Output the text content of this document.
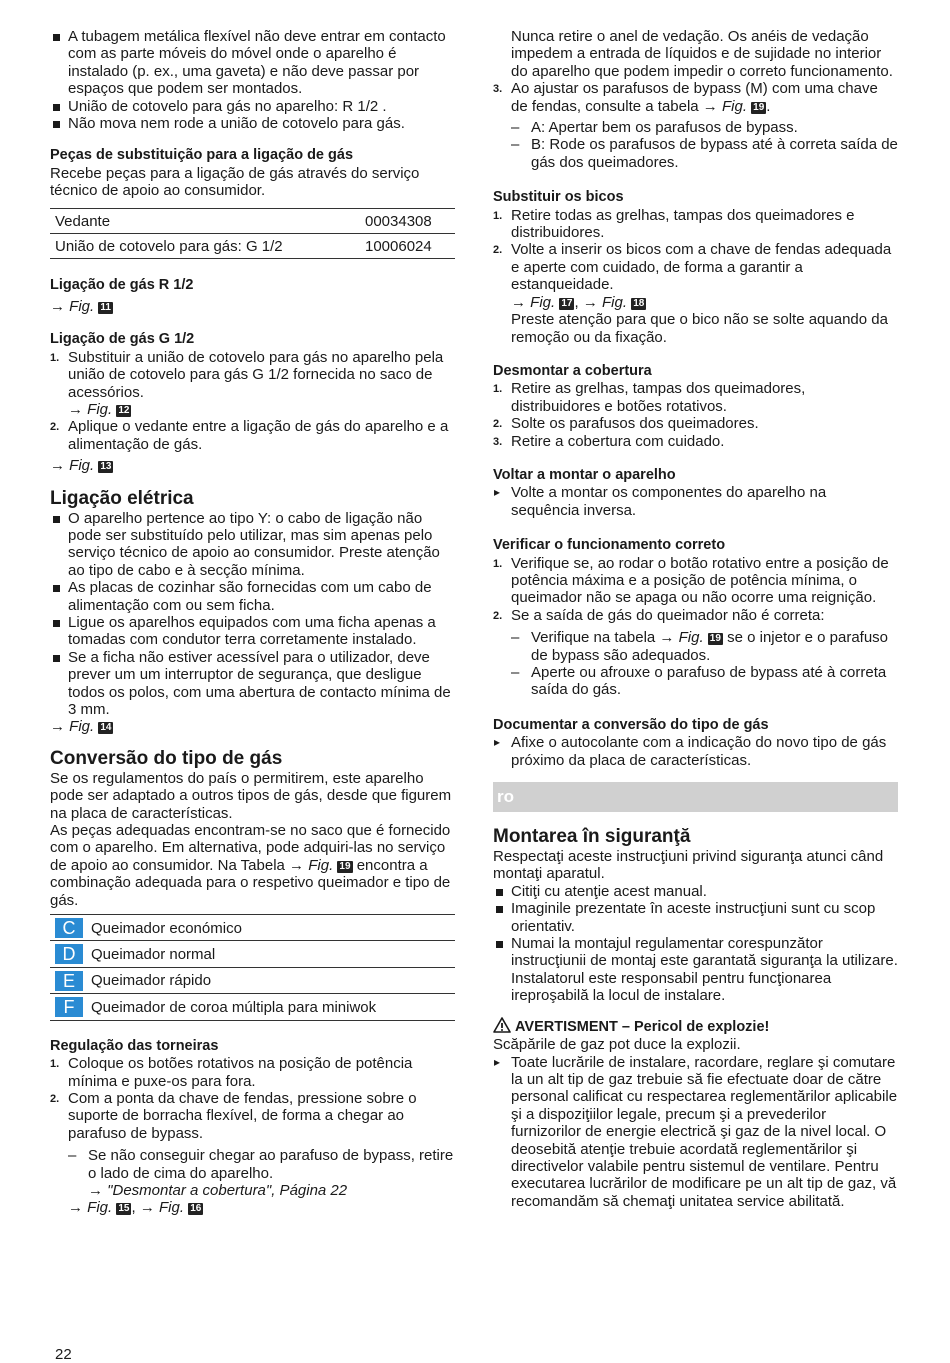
A tubagem metálica flexível não deve entrar em contacto com as parte móveis do móvel onde o aparelho é instalado (p. ex., uma gaveta) e não deve passar por espaços que podem ser montados.

União de cotovelo para gás no aparelho: R 1/2 .

Não mova nem rode a união de cotovelo para gás.

Peças de substituição para a ligação de gás

Recebe peças para a ligação de gás através do serviço técnico de apoio ao consumidor.

Vedante	00034308
União de cotovelo para gás: G 1/2	10006024

Ligação de gás R 1/2

→ Fig. 11

Ligação de gás G 1/2

1. Substituir a união de cotovelo para gás no aparelho pela união de cotovelo para gás G 1/2 fornecida no saco de acessórios.

→ Fig. 12

2. Aplique o vedante entre a ligação de gás do aparelho e a alimentação de gás.

→ Fig. 13

Ligação elétrica

O aparelho pertence ao tipo Y: o cabo de ligação não pode ser substituído pelo utilizar, mas sim apenas pelo serviço técnico de apoio ao consumidor. Preste atenção ao tipo de cabo e à secção mínima.

As placas de cozinhar são fornecidas com um cabo de alimentação com ou sem ficha.

Ligue os aparelhos equipados com uma ficha apenas a tomadas com condutor terra corretamente instalado.

Se a ficha não estiver acessível para o utilizador, deve prever um um interruptor de segurança, que desligue todos os polos, com uma abertura de contacto mínima de 3 mm.

→ Fig. 14

Conversão do tipo de gás

Se os regulamentos do país o permitirem, este aparelho pode ser adaptado a outros tipos de gás, desde que figurem na placa de características.

As peças adequadas encontram-se no saco que é fornecido com o aparelho. Em alternativa, pode adquiri-las no serviço de apoio ao consumidor. Na Tabela → Fig. 19 encontra a combinação adequada para o respetivo queimador e tipo de gás.

C	Queimador económico
D	Queimador normal
E	Queimador rápido
F	Queimador de coroa múltipla para miniwok

Regulação das torneiras

1. Coloque os botões rotativos na posição de potência mínima e puxe-os para fora.

2. Com a ponta da chave de fendas, pressione sobre o suporte de borracha flexível, de forma a chegar ao parafuso de bypass.

– Se não conseguir chegar ao parafuso de bypass, retire o lado de cima do aparelho.

→ "Desmontar a cobertura", Página 22

→ Fig. 15 , → Fig. 16

Nunca retire o anel de vedação. Os anéis de vedação impedem a entrada de líquidos e de sujidade no interior do aparelho que podem impedir o correto funcionamento.

3. Ao ajustar os parafusos de bypass (M) com uma chave de fendas, consulte a tabela → Fig. 19 .

– A: Apertar bem os parafusos de bypass.

– B: Rode os parafusos de bypass até à correta saída de gás dos queimadores.

Substituir os bicos

1. Retire todas as grelhas, tampas dos queimadores e distribuidores.

2. Volte a inserir os bicos com a chave de fendas adequada e aperte com cuidado, de forma a garantir a estanqueidade.

→ Fig. 17 , → Fig. 18

Preste atenção para que o bico não se solte aquando da remoção ou da fixação.

Desmontar a cobertura

1. Retire as grelhas, tampas dos queimadores, distribuidores e botões rotativos.

2. Solte os parafusos dos queimadores.

3. Retire a cobertura com cuidado.

Voltar a montar o aparelho

▸ Volte a montar os componentes do aparelho na sequência inversa.

Verificar o funcionamento correto

1. Verifique se, ao rodar o botão rotativo entre a posição de potência máxima e a posição de potência mínima, o queimador não se apaga ou não ocorre uma reignição.

2. Se a saída de gás do queimador não é correta:

– Verifique na tabela → Fig. 19 se o injetor e o parafuso de bypass são adequados.

– Aperte ou afrouxe o parafuso de bypass até à correta saída do gás.

Documentar a conversão do tipo de gás

▸ Afixe o autocolante com a indicação do novo tipo de gás próximo da placa de características.

ro

Montarea în siguranţă

Respectaţi aceste instrucţiuni privind siguranţa atunci când montaţi aparatul.

Citiţi cu atenţie acest manual.

Imaginile prezentate în aceste instrucţiuni sunt cu scop orientativ.

Numai la montajul regulamentar corespunzător instrucţiunii de montaj este garantată siguranţa la utilizare. Instalatorul este responsabil pentru funcţionarea ireproşabilă la locul de instalare.

AVERTISMENT – Pericol de explozie!

Scăpările de gaz pot duce la explozii.

▸ Toate lucrările de instalare, racordare, reglare şi comutare la un alt tip de gaz trebuie să fie efectuate doar de către personal calificat cu respectarea reglementărilor aplicabile şi a dispoziţiilor legale, precum şi a prevederilor furnizorilor de energie electrică şi gaz de la nivel local. O deosebită atenţie trebuie acordată reglementărilor şi directivelor valabile pentru sistemul de ventilare. Pentru executarea lucrărilor de modificare pe un alt tip de gaz, vă recomandăm să chemaţi unitatea service abilitată.

22
